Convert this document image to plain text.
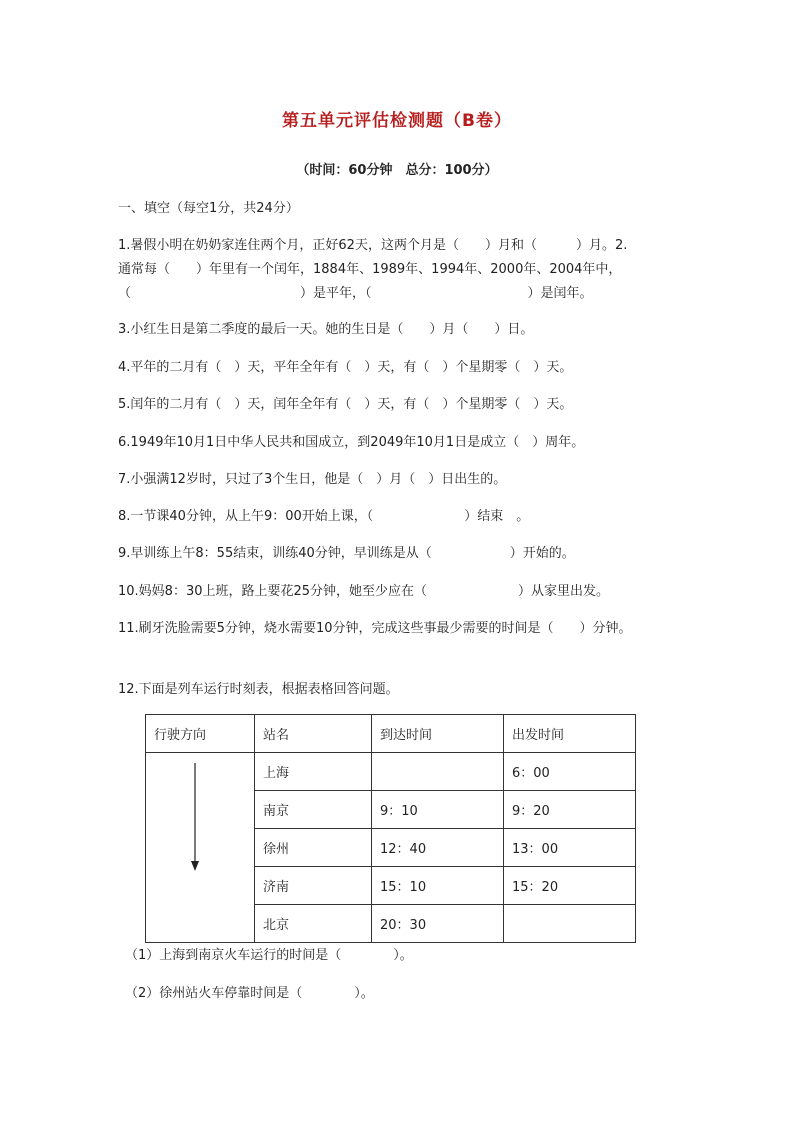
第五单元评估检测题（B卷）
（时间：60分钟　总分：100分）
一、填空（每空1分，共24分）
1.暑假小明在奶奶家连住两个月，正好62天，这两个月是（　　）月和（　　　）月。2.
通常每（　　）年里有一个闰年，1884年、1989年、1994年、2000年、2004年中，
（　　　　　　　　　　　　　）是平年，（　　　　　　　　　　　　）是闰年。
3.小红生日是第二季度的最后一天。她的生日是（　　）月（　　）日。
4.平年的二月有（　）天，平年全年有（　）天，有（　）个星期零（　）天。
5.闰年的二月有（　）天，闰年全年有（　）天，有（　）个星期零（　）天。
6.1949年10月1日中华人民共和国成立，到2049年10月1日是成立（　）周年。
7.小强满12岁时，只过了3个生日，他是（　）月（　）日出生的。
8.一节课40分钟，从上午9：00开始上课，（　　　　　　　）结束　。
9.早训练上午8：55结束，训练40分钟，早训练是从（　　　　　　）开始的。
10.妈妈8：30上班，路上要花25分钟，她至少应在（　　　　　　　）从家里出发。
11.刷牙洗脸需要5分钟，烧水需要10分钟，完成这些事最少需要的时间是（　　）分钟。
12.下面是列车运行时刻表，根据表格回答问题。
行驶方向	站名	到达时间	出发时间

	上海		6：00
	南京	9：10	9：20
	徐州	12：40	13：00
	济南	15：10	15：20
	北京	20：30	
（1）上海到南京火车运行的时间是（　　　　）。
（2）徐州站火车停靠时间是（　　　　）。
